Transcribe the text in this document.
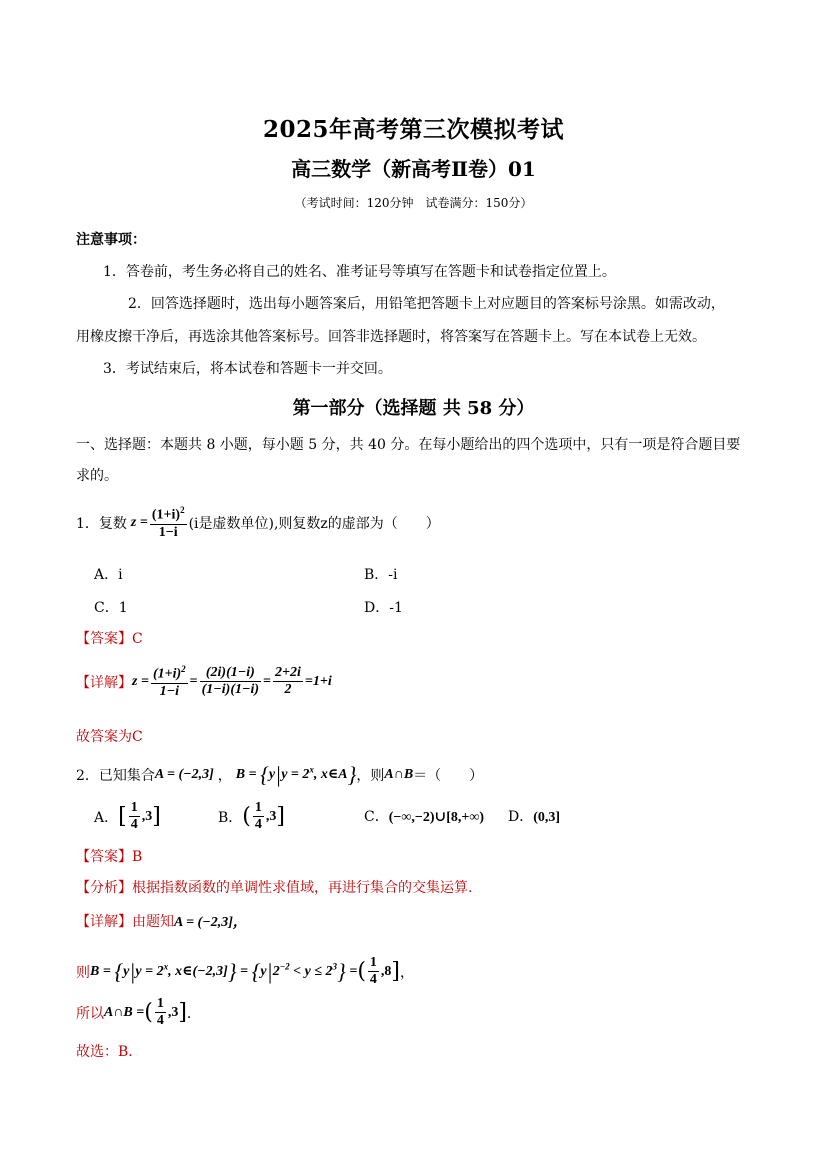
2025年高考第三次模拟考试
高三数学（新高考Ⅱ卷）01
（考试时间：120分钟　试卷满分：150分）
注意事项：
1．答卷前，考生务必将自己的姓名、准考证号等填写在答题卡和试卷指定位置上。
2．回答选择题时，选出每小题答案后，用铅笔把答题卡上对应题目的答案标号涂黑。如需改动，
用橡皮擦干净后，再选涂其他答案标号。回答非选择题时，将答案写在答题卡上。写在本试卷上无效。
3．考试结束后，将本试卷和答题卡一并交回。
第一部分（选择题 共 58 分）
一、选择题：本题共 8 小题，每小题 5 分，共 40 分。在每小题给出的四个选项中，只有一项是符合题目要
求的。
1．复数 $z = \frac{(1+i)^2}{1-i} (i$是虚数单位),则复数z的虚部为（　　）
A．i	B．-i
C．1	D．-1
【答案】C
【详解】 $z = \frac{(1+i)^2}{1-i} = \frac{(2i)(1-i)}{(1-i)(1-i)} = \frac{2+2i}{2} =1+i$
故答案为C
2．已知集合 A = (−2,3] ， $B = \{y|y = 2^x$, x∈A} ，则 A∩B ＝（　　）
A． [ $\frac{1}{4} ,3$ ]	B． ( $\frac{1}{4} ,3$ ]	C．(−∞,−2)∪[8,+∞) D．(0,3]
【答案】B
【分析】根据指数函数的单调性求值域，再进行集合的交集运算.
【详解】 由题知 A = (−2,3]，
则 $B = \{y|y = 2^x$, x∈(−2,3]} = $\{y|2^{-2} < y \le 2^3\}$ = ( $\frac{1}{4} ,8$ ] ，
所以 A∩B = ( $\frac{1}{4} ,3$ ] ．
故选：B．
